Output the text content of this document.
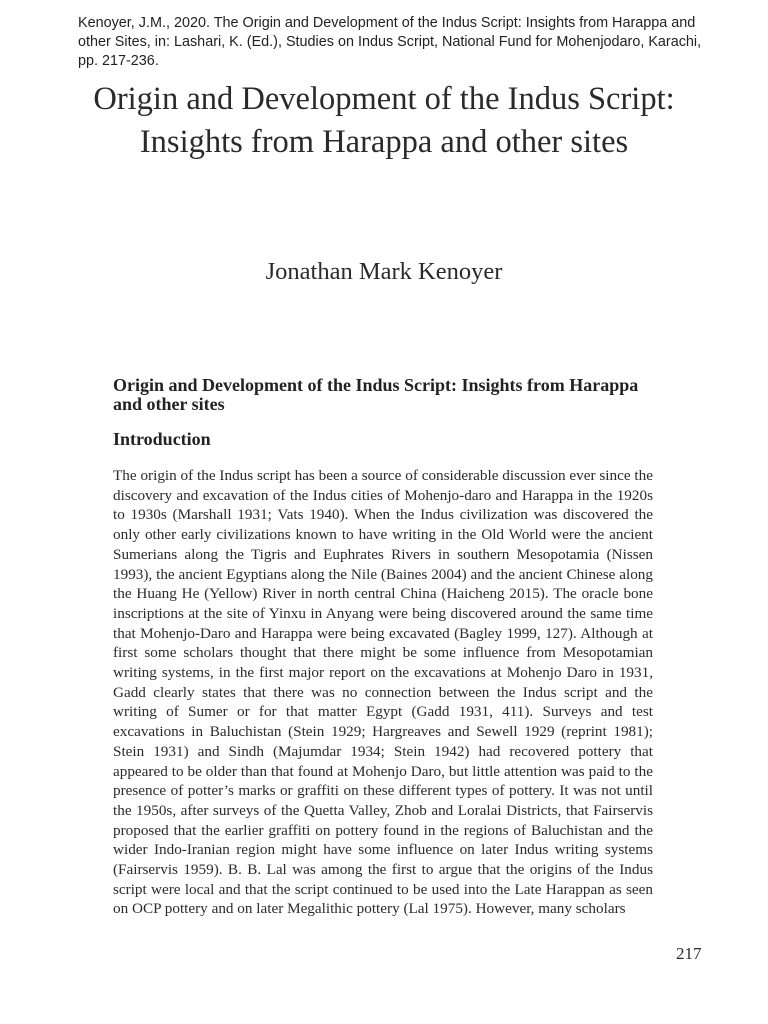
Kenoyer, J.M., 2020. The Origin and Development of the Indus Script: Insights from Harappa and other Sites, in: Lashari, K. (Ed.), Studies on Indus Script, National Fund for Mohenjodaro, Karachi, pp. 217-236.
Origin and Development of the Indus Script: Insights from Harappa and other sites
Jonathan Mark Kenoyer
Origin and Development of the Indus Script: Insights from Harappa and other sites
Introduction

The origin of the Indus script has been a source of considerable discussion ever since the discovery and excavation of the Indus cities of Mohenjo-daro and Harappa in the 1920s to 1930s (Marshall 1931; Vats 1940). When the Indus civilization was discovered the only other early civilizations known to have writing in the Old World were the ancient Sumerians along the Tigris and Euphrates Rivers in southern Mesopotamia (Nissen 1993), the ancient Egyptians along the Nile (Baines 2004) and the ancient Chinese along the Huang He (Yellow) River in north central China (Haicheng 2015). The oracle bone inscriptions at the site of Yinxu in Anyang were being discovered around the same time that Mohenjo-Daro and Harappa were being excavated (Bagley 1999, 127). Although at first some scholars thought that there might be some influence from Mesopotamian writing systems, in the first major report on the excavations at Mohenjo Daro in 1931, Gadd clearly states that there was no connection between the Indus script and the writing of Sumer or for that matter Egypt (Gadd 1931, 411). Surveys and test excavations in Baluchistan (Stein 1929; Hargreaves and Sewell 1929 (reprint 1981); Stein 1931) and Sindh (Majumdar 1934; Stein 1942) had recovered pottery that appeared to be older than that found at Mohenjo Daro, but little attention was paid to the presence of potter’s marks or graffiti on these different types of pottery. It was not until the 1950s, after surveys of the Quetta Valley, Zhob and Loralai Districts, that Fairservis proposed that the earlier graffiti on pottery found in the regions of Baluchistan and the wider Indo-Iranian region might have some influence on later Indus writing systems (Fairservis 1959). B. B. Lal was among the first to argue that the origins of the Indus script were local and that the script continued to be used into the Late Harappan as seen on OCP pottery and on later Megalithic pottery (Lal 1975). However, many scholars

217
